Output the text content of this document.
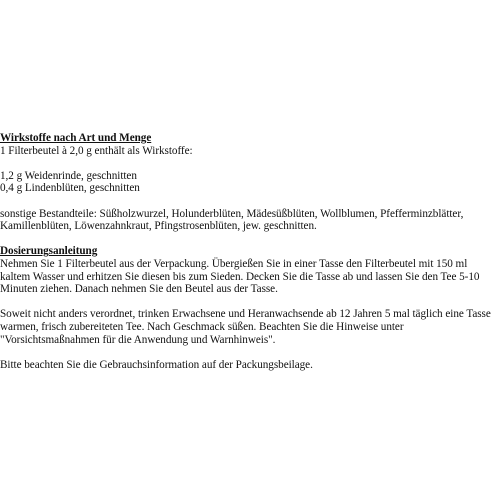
Wirkstoffe nach Art und Menge
1 Filterbeutel à 2,0 g enthält als Wirkstoffe:
1,2 g Weidenrinde, geschnitten
0,4 g Lindenblüten, geschnitten
sonstige Bestandteile: Süßholzwurzel, Holunderblüten, Mädesüßblüten, Wollblumen, Pfefferminzblätter,
Kamillenblüten, Löwenzahnkraut, Pfingstrosenblüten, jew. geschnitten.
Dosierungsanleitung
Nehmen Sie 1 Filterbeutel aus der Verpackung. Übergießen Sie in einer Tasse den Filterbeutel mit 150 ml
kaltem Wasser und erhitzen Sie diesen bis zum Sieden. Decken Sie die Tasse ab und lassen Sie den Tee 5-10
Minuten ziehen. Danach nehmen Sie den Beutel aus der Tasse.
Soweit nicht anders verordnet, trinken Erwachsene und Heranwachsende ab 12 Jahren 5 mal täglich eine Tasse
warmen, frisch zubereiteten Tee. Nach Geschmack süßen. Beachten Sie die Hinweise unter
"Vorsichtsmaßnahmen für die Anwendung und Warnhinweis".
Bitte beachten Sie die Gebrauchsinformation auf der Packungsbeilage.
